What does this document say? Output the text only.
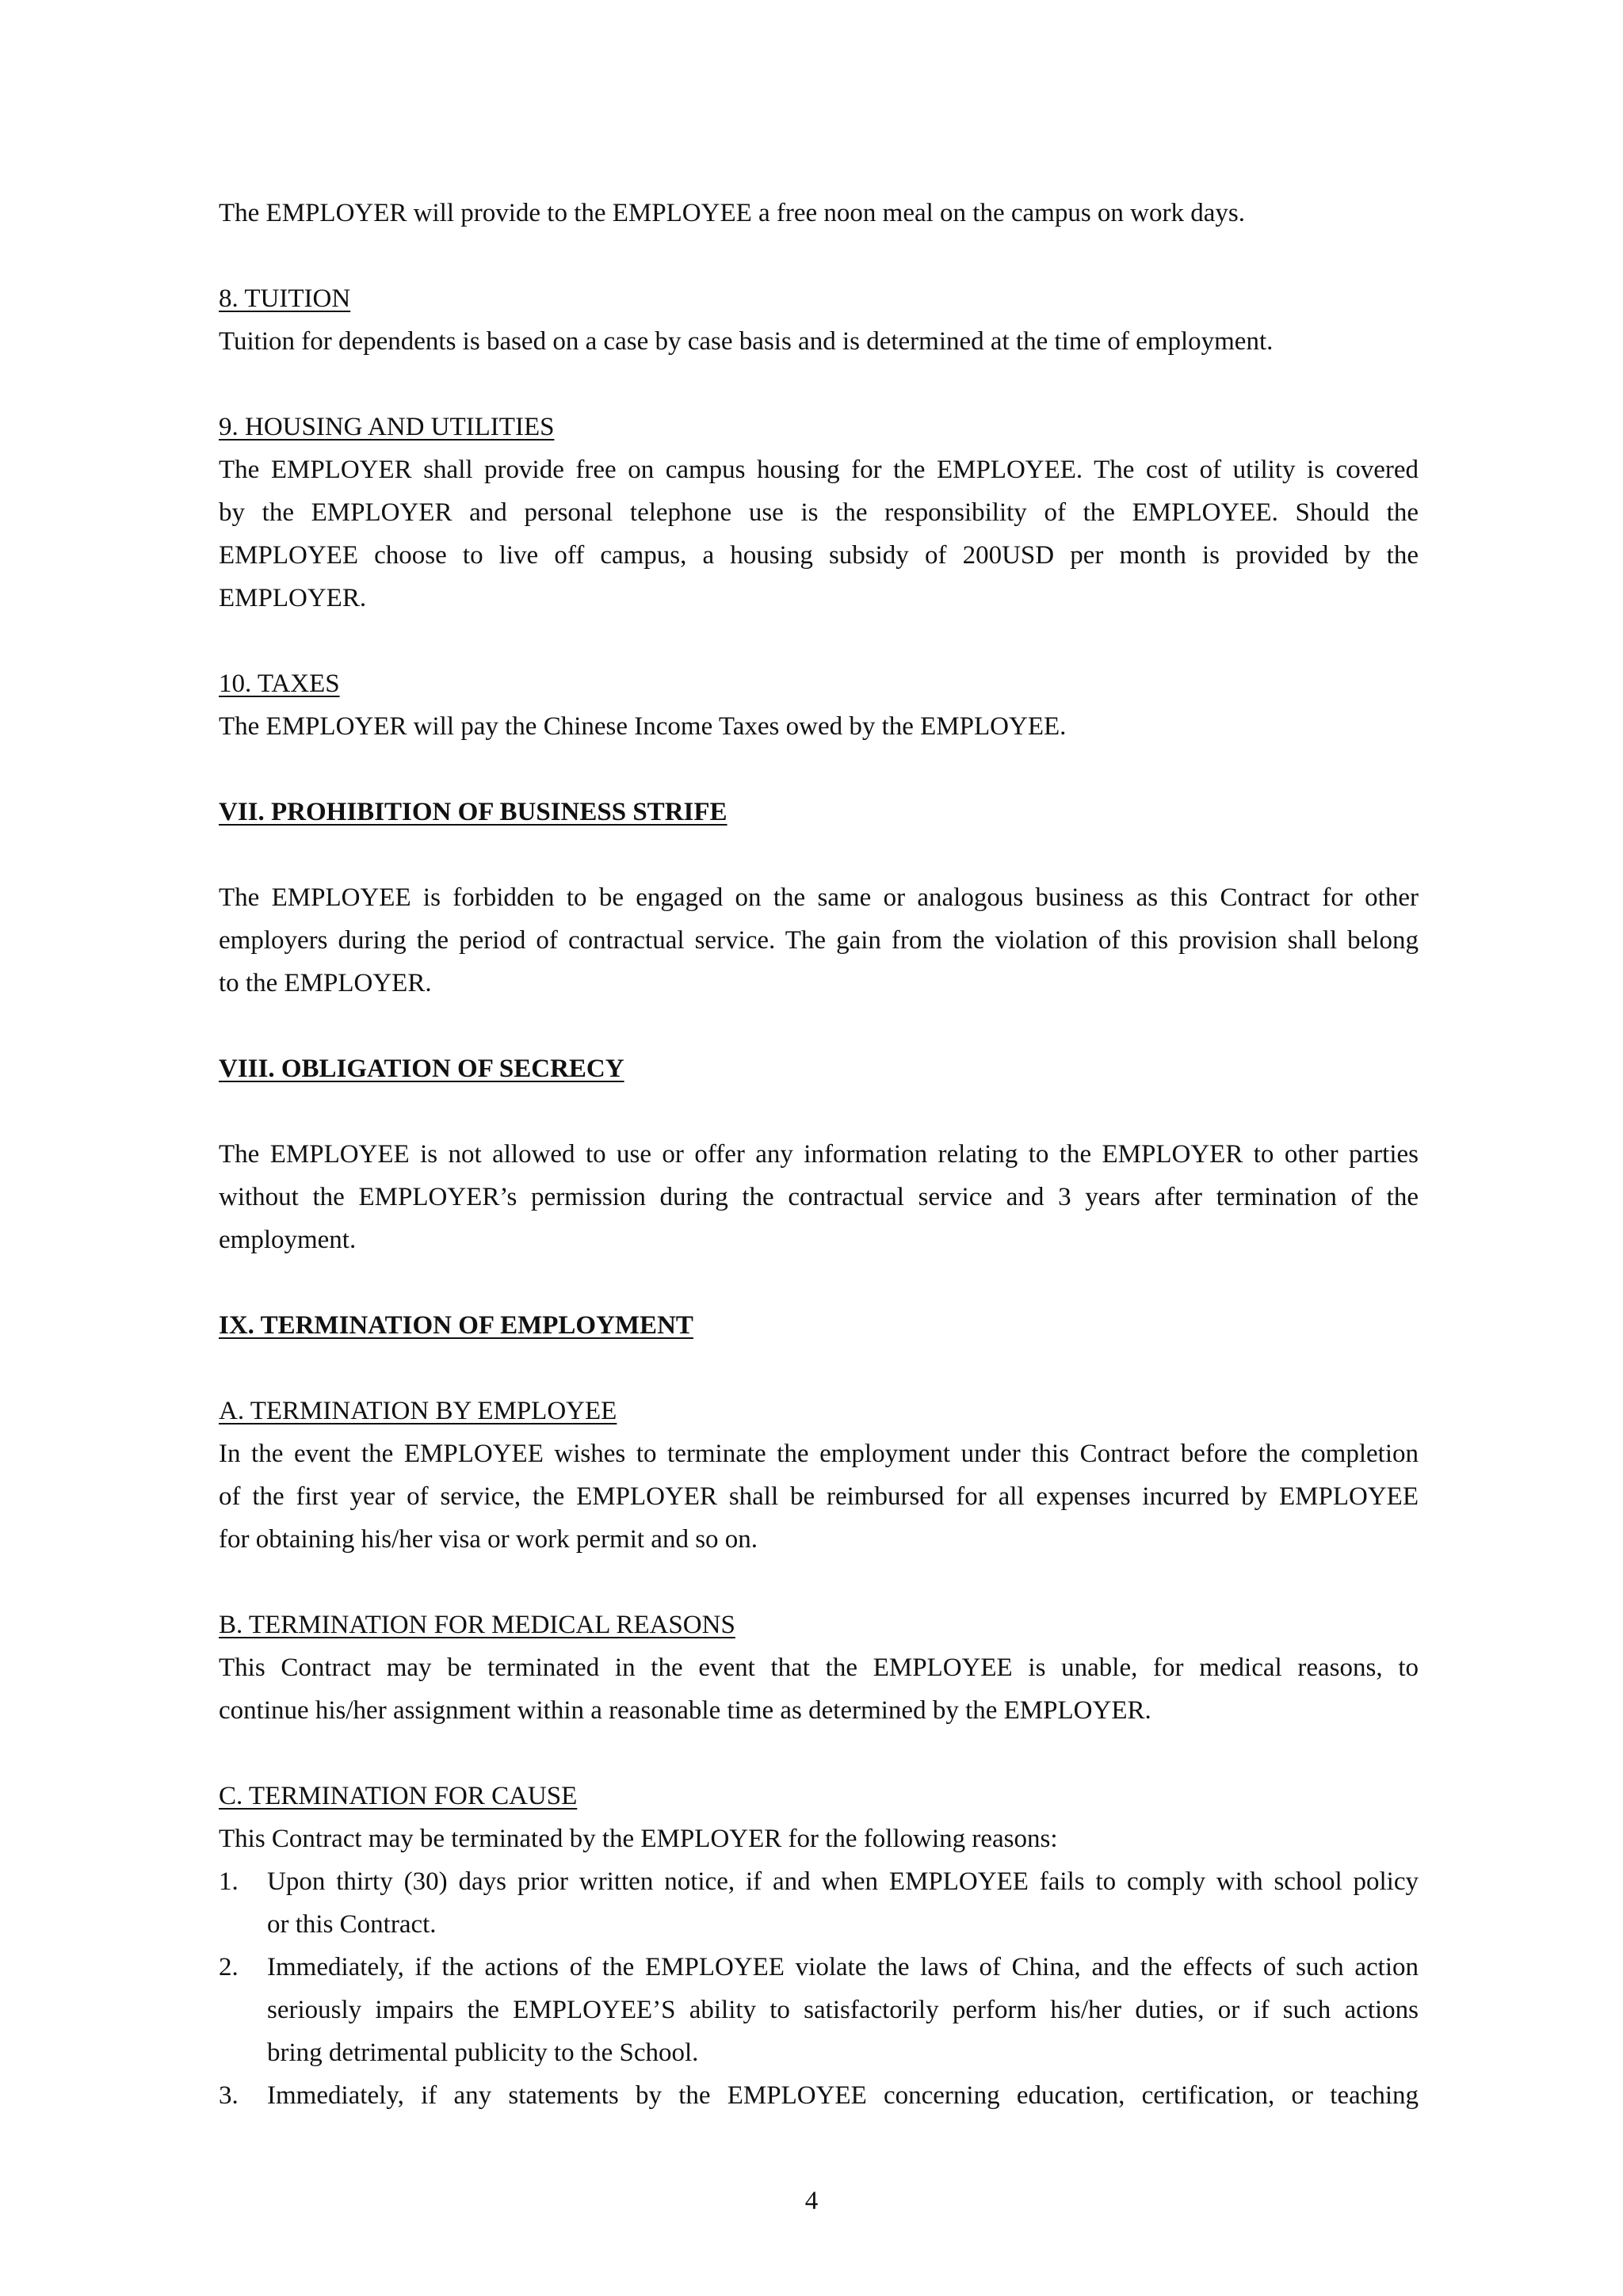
The EMPLOYER will provide to the EMPLOYEE a free noon meal on the campus on work days.
8. TUITION
Tuition for dependents is based on a case by case basis and is determined at the time of employment.
9. HOUSING AND UTILITIES
The EMPLOYER shall provide free on campus housing for the EMPLOYEE. The cost of utility is covered
by the EMPLOYER and personal telephone use is the responsibility of the EMPLOYEE. Should the
EMPLOYEE choose to live off campus, a housing subsidy of 200USD per month is provided by the
EMPLOYER.
10. TAXES
The EMPLOYER will pay the Chinese Income Taxes owed by the EMPLOYEE.
VII. PROHIBITION OF BUSINESS STRIFE
The EMPLOYEE is forbidden to be engaged on the same or analogous business as this Contract for other
employers during the period of contractual service. The gain from the violation of this provision shall belong
to the EMPLOYER.
VIII. OBLIGATION OF SECRECY
The EMPLOYEE is not allowed to use or offer any information relating to the EMPLOYER to other parties
without the EMPLOYER’s permission during the contractual service and 3 years after termination of the
employment.
IX. TERMINATION OF EMPLOYMENT
A. TERMINATION BY EMPLOYEE
In the event the EMPLOYEE wishes to terminate the employment under this Contract before the completion
of the first year of service, the EMPLOYER shall be reimbursed for all expenses incurred by EMPLOYEE
for obtaining his/her visa or work permit and so on.
B. TERMINATION FOR MEDICAL REASONS
This Contract may be terminated in the event that the EMPLOYEE is unable, for medical reasons, to
continue his/her assignment within a reasonable time as determined by the EMPLOYER.
C. TERMINATION FOR CAUSE
This Contract may be terminated by the EMPLOYER for the following reasons:
1. Upon thirty (30) days prior written notice, if and when EMPLOYEE fails to comply with school policy
or this Contract.
2. Immediately, if the actions of the EMPLOYEE violate the laws of China, and the effects of such action
seriously impairs the EMPLOYEE’S ability to satisfactorily perform his/her duties, or if such actions
bring detrimental publicity to the School.
3. Immediately, if any statements by the EMPLOYEE concerning education, certification, or teaching
4
